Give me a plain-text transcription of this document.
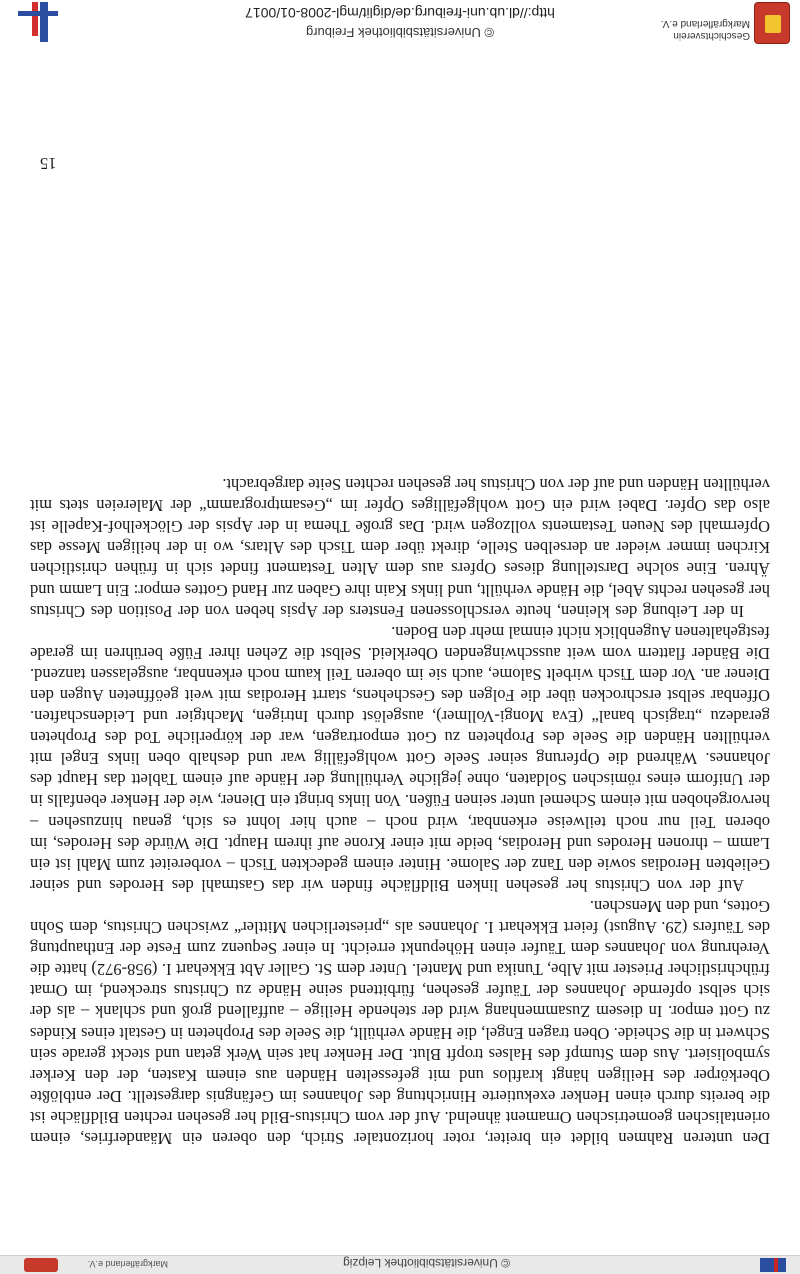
© Universitätsbibliothek Leipzig
Markgräflerland e.V.

Den unteren Rahmen bildet ein breiter, roter horizontaler Strich, den oberen ein Mäanderfries, einem orientalischen geometrischen Ornament ähnelnd. Auf der vom Christus-Bild her gesehen rechten Bildfläche ist die bereits durch einen Henker exekutierte Hinrichtung des Johannes im Gefängnis dargestellt. Der entblößte Oberkörper des Heiligen hängt kraftlos und mit gefesselten Händen aus einem Kasten, der den Kerker symbolisiert. Aus dem Stumpf des Halses tropft Blut. Der Henker hat sein Werk getan und steckt gerade sein Schwert in die Scheide. Oben tragen Engel, die Hände verhüllt, die Seele des Propheten in Gestalt eines Kindes zu Gott empor. In diesem Zusammenhang wird der stehende Heilige – auffallend groß und schlank – als der sich selbst opfernde Johannes der Täufer gesehen, fürbittend seine Hände zu Christus streckend, im Ornat frühchristlicher Priester mit Albe, Tunika und Mantel. Unter dem St. Galler Abt Ekkehart I. (958-972) hatte die Verehrung von Johannes dem Täufer einen Höhepunkt erreicht. In einer Sequenz zum Feste der Enthauptung des Täufers (29. August) feiert Ekkehart I. Johannes als „priesterlichen Mittler“ zwischen Christus, dem Sohn Gottes, und den Menschen.

Auf der von Christus her gesehen linken Bildfläche finden wir das Gastmahl des Herodes und seiner Geliebten Herodias sowie den Tanz der Salome. Hinter einem gedeckten Tisch – vorbereitet zum Mahl ist ein Lamm – thronen Herodes und Herodias, beide mit einer Krone auf ihrem Haupt. Die Würde des Herodes, im oberen Teil nur noch teilweise erkennbar, wird noch – auch hier lohnt es sich, genau hinzusehen – hervorgehoben mit einem Schemel unter seinen Füßen. Von links bringt ein Diener, wie der Henker ebenfalls in der Uniform eines römischen Soldaten, ohne jegliche Verhüllung der Hände auf einem Tablett das Haupt des Johannes. Während die Opferung seiner Seele Gott wohlgefällig war und deshalb oben links Engel mit verhüllten Händen die Seele des Propheten zu Gott emportragen, war der körperliche Tod des Propheten geradezu „tragisch banal“ (Eva Mongi-Vollmer), ausgelöst durch Intrigen, Machtgier und Leidenschaften. Offenbar selbst erschrocken über die Folgen des Geschehens, starrt Herodias mit weit geöffneten Augen den Diener an. Vor dem Tisch wirbelt Salome, auch sie im oberen Teil kaum noch erkennbar, ausgelassen tanzend. Die Bänder flattern vom weit ausschwingenden Oberkleid. Selbst die Zehen ihrer Füße berühren im gerade festgehaltenen Augenblick nicht einmal mehr den Boden.

In der Leibung des kleinen, heute verschlossenen Fensters der Apsis heben von der Position des Christus her gesehen rechts Abel, die Hände verhüllt, und links Kain ihre Gaben zur Hand Gottes empor: Ein Lamm und Ähren. Eine solche Darstellung dieses Opfers aus dem Alten Testament findet sich in frühen christlichen Kirchen immer wieder an derselben Stelle, direkt über dem Tisch des Altars, wo in der heiligen Messe das Opfermahl des Neuen Testaments vollzogen wird. Das große Thema in der Apsis der Glöckelhof-Kapelle ist also das Opfer. Dabei wird ein Gott wohlgefälliges Opfer im „Gesamtprogramm“ der Malereien stets mit verhüllten Händen und auf der von Christus her gesehen rechten Seite dargebracht.

15
Geschichtsverein Markgräflerland e.V.
© Universitätsbibliothek Freiburg
http://dl.ub.uni-freiburg.de/diglit/mgl-2008-01/0017
